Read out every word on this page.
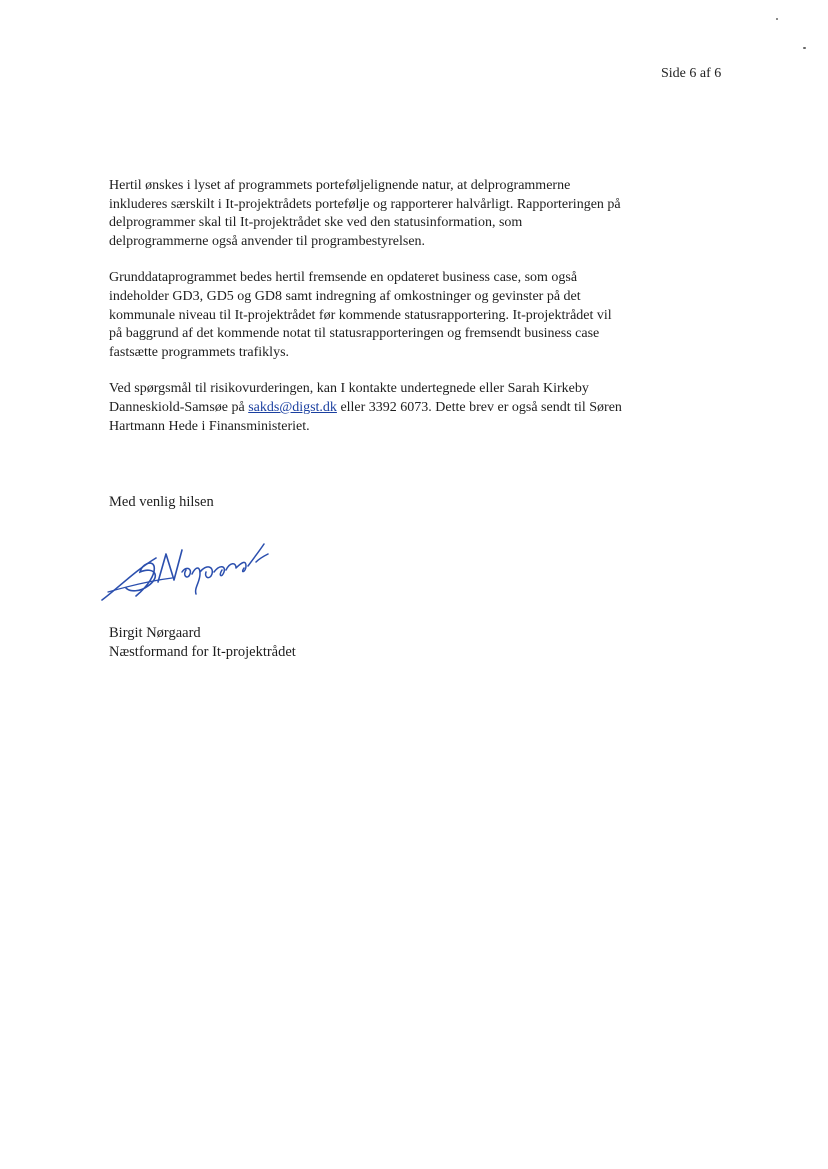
Side 6 af 6

Hertil ønskes i lyset af programmets porteføljelignende natur, at delprogrammerne inkluderes særskilt i It-projektrådets portefølje og rapporterer halvårligt. Rapporteringen på delprogrammer skal til It-projektrådet ske ved den statusinformation, som delprogrammerne også anvender til programbestyrelsen.

Grunddataprogrammet bedes hertil fremsende en opdateret business case, som også indeholder GD3, GD5 og GD8 samt indregning af omkostninger og gevinster på det kommunale niveau til It-projektrådet før kommende statusrapportering. It-projektrådet vil på baggrund af det kommende notat til statusrapporteringen og fremsendt business case fastsætte programmets trafiklys.

Ved spørgsmål til risikovurderingen, kan I kontakte undertegnede eller Sarah Kirkeby Danneskiold-Samsøe på sakds@digst.dk eller 3392 6073. Dette brev er også sendt til Søren Hartmann Hede i Finansministeriet.

Med venlig hilsen
Birgit Nørgaard
Næstformand for It-projektrådet
